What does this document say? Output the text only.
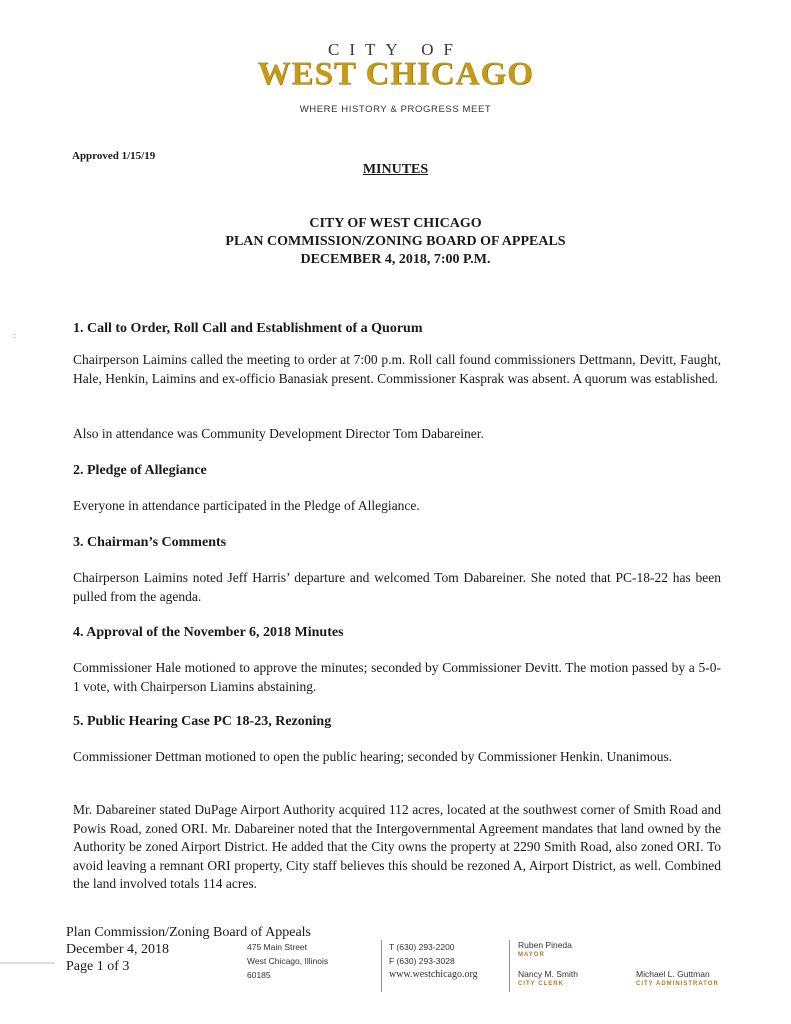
CITY OF
WEST CHICAGO
WHERE HISTORY & PROGRESS MEET
Approved 1/15/19
MINUTES
CITY OF WEST CHICAGO
PLAN COMMISSION/ZONING BOARD OF APPEALS
DECEMBER 4, 2018, 7:00 P.M.
::	1. Call to Order, Roll Call and Establishment of a Quorum
Chairperson Laimins called the meeting to order at 7:00 p.m. Roll call found commissioners Dettmann, Devitt, Faught, Hale, Henkin, Laimins and ex-officio Banasiak present. Commissioner Kasprak was absent. A quorum was established.
Also in attendance was Community Development Director Tom Dabareiner.
2. Pledge of Allegiance
Everyone in attendance participated in the Pledge of Allegiance.
3. Chairman’s Comments
Chairperson Laimins noted Jeff Harris’ departure and welcomed Tom Dabareiner. She noted that PC-18-22 has been pulled from the agenda.
4. Approval of the November 6, 2018 Minutes
Commissioner Hale motioned to approve the minutes; seconded by Commissioner Devitt. The motion passed by a 5-0-1 vote, with Chairperson Liamins abstaining.
5. Public Hearing Case PC 18-23, Rezoning
Commissioner Dettman motioned to open the public hearing; seconded by Commissioner Henkin. Unanimous.
Mr. Dabareiner stated DuPage Airport Authority acquired 112 acres, located at the southwest corner of Smith Road and Powis Road, zoned ORI. Mr. Dabareiner noted that the Intergovernmental Agreement mandates that land owned by the Authority be zoned Airport District. He added that the City owns the property at 2290 Smith Road, also zoned ORI. To avoid leaving a remnant ORI property, City staff believes this should be rezoned A, Airport District, as well. Combined the land involved totals 114 acres.
Plan Commission/Zoning Board of Appeals
December 4, 2018
Page 1 of 3
475 Main Street
West Chicago, Illinois
60185
T (630) 293-2200
F (630) 293-3028
www.westchicago.org
Ruben Pineda
MAYOR
Nancy M. Smith
CITY CLERK
Michael L. Guttman
CITY ADMINISTRATOR
